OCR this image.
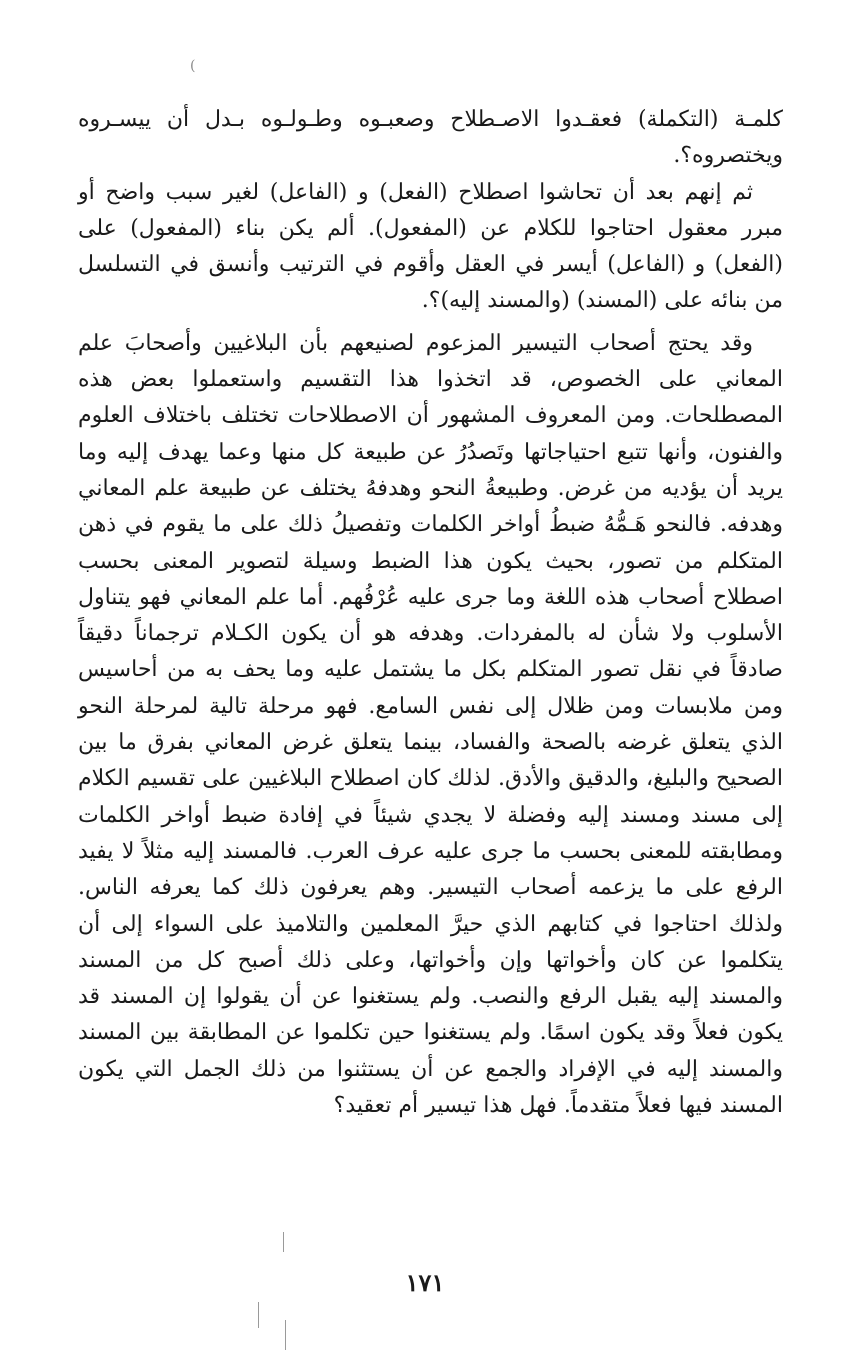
(

كلمـة (التكملة) فعقـدوا الاصـطلاح وصعبـوه وطـولـوه بـدل أن ييسـروه ويختصروه؟.

ثم إنهم بعد أن تحاشوا اصطلاح (الفعل) و (الفاعل) لغير سبب واضح أو مبرر معقول احتاجوا للكلام عن (المفعول). ألم يكن بناء (المفعول) على (الفعل) و (الفاعل) أيسر في العقل وأقوم في الترتيب وأنسق في التسلسل من بنائه على (المسند) (والمسند إليه)؟.

وقد يحتج أصحاب التيسير المزعوم لصنيعهم بأن البلاغيين وأصحابَ علم المعاني على الخصوص، قد اتخذوا هذا التقسيم واستعملوا بعض هذه المصطلحات. ومن المعروف المشهور أن الاصطلاحات تختلف باختلاف العلوم والفنون، وأنها تتبع احتياجاتها وتَصدُرُ عن طبيعة كل منها وعما يهدف إليه وما يريد أن يؤديه من غرض. وطبيعةُ النحو وهدفهُ يختلف عن طبيعة علم المعاني وهدفه. فالنحو هَـمُّهُ ضبطُ أواخر الكلمات وتفصيلُ ذلك على ما يقوم في ذهن المتكلم من تصور، بحيث يكون هذا الضبط وسيلة لتصوير المعنى بحسب اصطلاح أصحاب هذه اللغة وما جرى عليه عُرْفُهم. أما علم المعاني فهو يتناول الأسلوب ولا شأن له بالمفردات. وهدفه هو أن يكون الكـلام ترجماناً دقيقاً صادقاً في نقل تصور المتكلم بكل ما يشتمل عليه وما يحف به من أحاسيس ومن ملابسات ومن ظلال إلى نفس السامع. فهو مرحلة تالية لمرحلة النحو الذي يتعلق غرضه بالصحة والفساد، بينما يتعلق غرض المعاني بفرق ما بين الصحيح والبليغ، والدقيق والأدق. لذلك كان اصطلاح البلاغيين على تقسيم الكلام إلى مسند ومسند إليه وفضلة لا يجدي شيئاً في إفادة ضبط أواخر الكلمات ومطابقته للمعنى بحسب ما جرى عليه عرف العرب. فالمسند إليه مثلاً لا يفيد الرفع على ما يزعمه أصحاب التيسير. وهم يعرفون ذلك كما يعرفه الناس. ولذلك احتاجوا في كتابهم الذي حيرَّ المعلمين والتلاميذ على السواء إلى أن يتكلموا عن كان وأخواتها وإن وأخواتها، وعلى ذلك أصبح كل من المسند والمسند إليه يقبل الرفع والنصب. ولم يستغنوا عن أن يقولوا إن المسند قد يكون فعلاً وقد يكون اسمًا. ولم يستغنوا حين تكلموا عن المطابقة بين المسند والمسند إليه في الإفراد والجمع عن أن يستثنوا من ذلك الجمل التي يكون المسند فيها فعلاً متقدماً. فهل هذا تيسير أم تعقيد؟

١٧١
